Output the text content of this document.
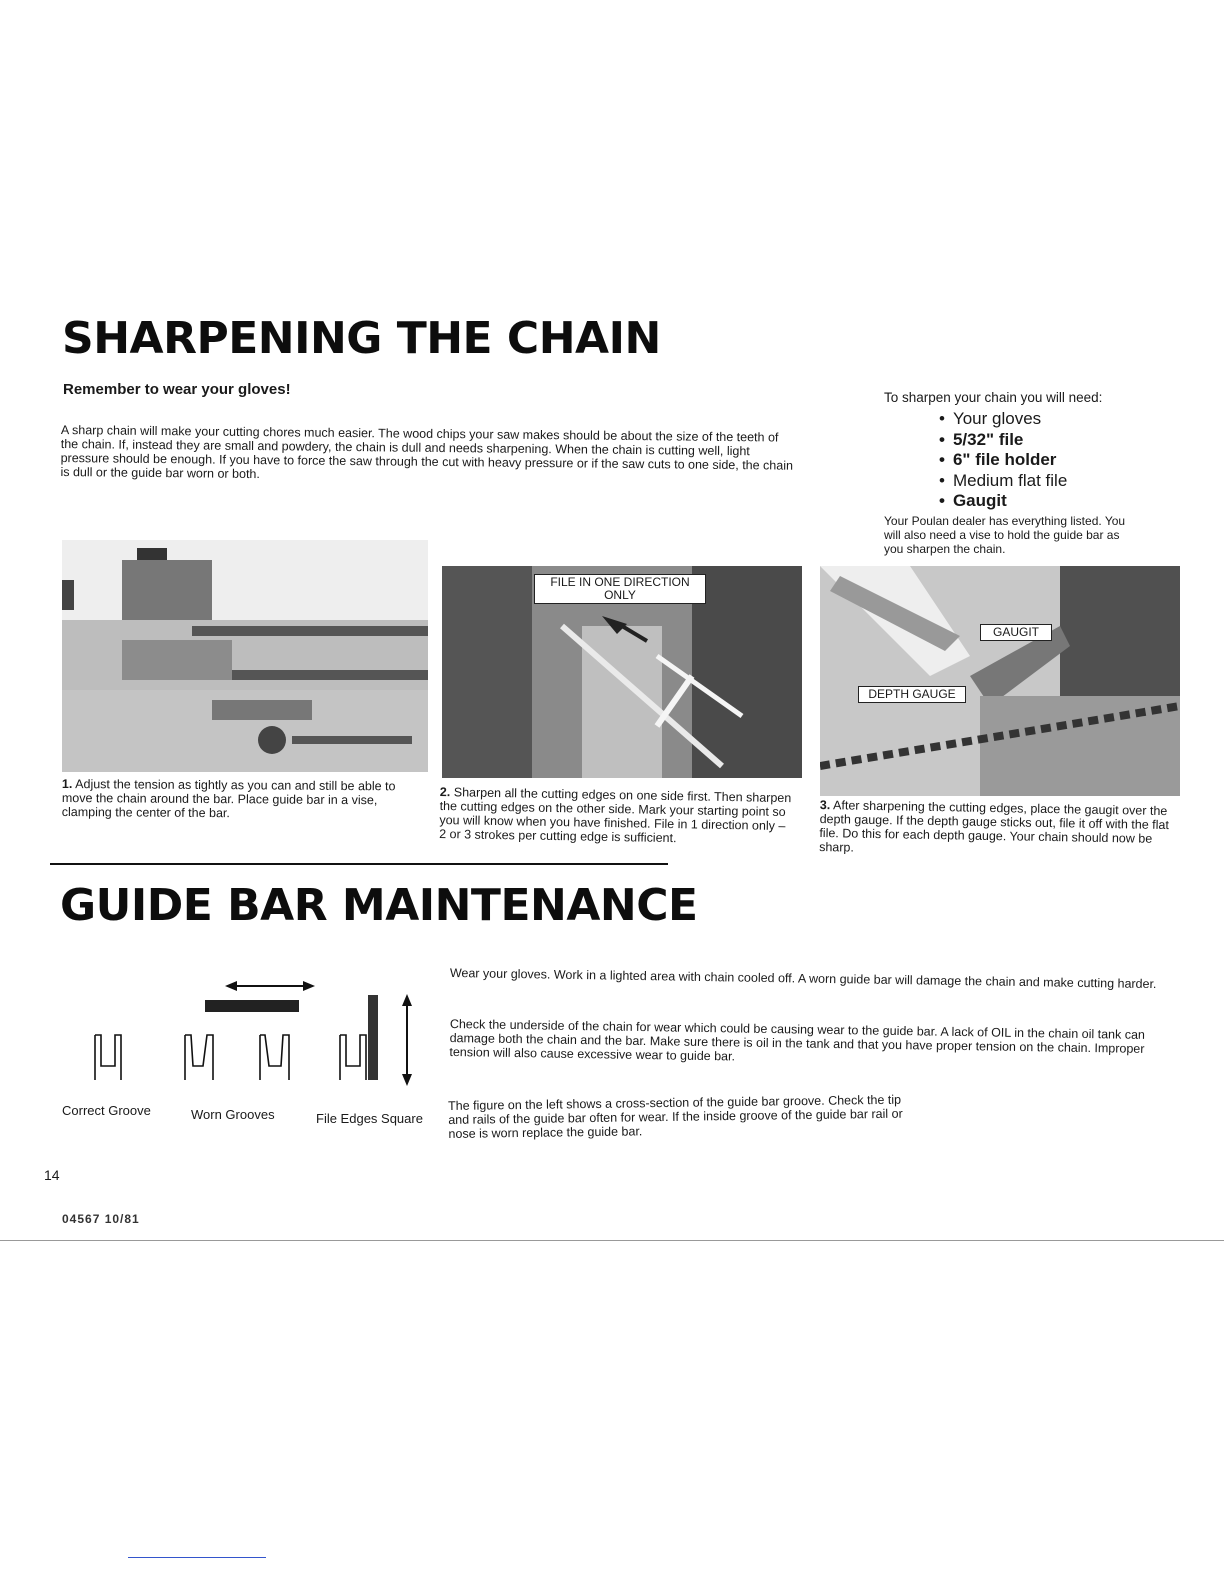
SHARPENING THE CHAIN
Remember to wear your gloves!
A sharp chain will make your cutting chores much easier. The wood chips your saw makes should be about the size of the teeth of the chain. If, instead they are small and powdery, the chain is dull and needs sharpening. When the chain is cutting well, light pressure should be enough. If you have to force the saw through the cut with heavy pressure or if the saw cuts to one side, the chain is dull or the guide bar worn or both.
To sharpen your chain you will need:
• Your gloves
• 5/32" file
• 6" file holder
• Medium flat file
• Gaugit
Your Poulan dealer has everything listed. You will also need a vise to hold the guide bar as you sharpen the chain.
FILE IN ONE DIRECTION ONLY
GAUGIT
DEPTH GAUGE
1. Adjust the tension as tightly as you can and still be able to move the chain around the bar. Place guide bar in a vise, clamping the center of the bar.
2. Sharpen all the cutting edges on one side first. Then sharpen the cutting edges on the other side. Mark your starting point so you will know when you have finished. File in 1 direction only – 2 or 3 strokes per cutting edge is sufficient.
3. After sharpening the cutting edges, place the gaugit over the depth gauge. If the depth gauge sticks out, file it off with the flat file. Do this for each depth gauge. Your chain should now be sharp.
GUIDE BAR MAINTENANCE
Correct Groove	Worn Grooves	File Edges Square
Wear your gloves. Work in a lighted area with chain cooled off. A worn guide bar will damage the chain and make cutting harder.
Check the underside of the chain for wear which could be causing wear to the guide bar. A lack of OIL in the chain oil tank can damage both the chain and the bar. Make sure there is oil in the tank and that you have proper tension on the chain. Improper tension will also cause excessive wear to guide bar.
The figure on the left shows a cross-section of the guide bar groove. Check the tip and rails of the guide bar often for wear. If the inside groove of the guide bar rail or nose is worn replace the guide bar.
14
04567 10/81
